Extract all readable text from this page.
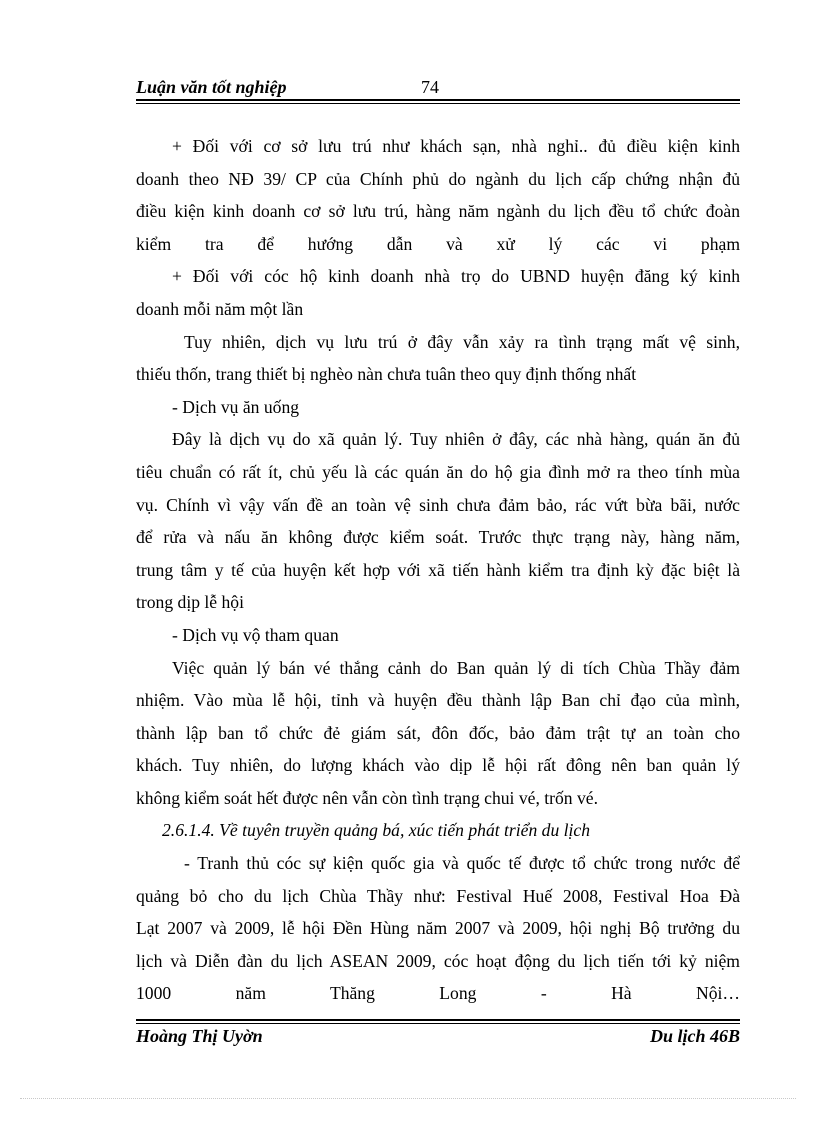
Luận văn tốt nghiệp	74
+ Đối với cơ sở lưu trú như khách sạn, nhà nghỉ.. đủ điều kiện kinh
doanh theo NĐ 39/ CP của Chính phủ do ngành du lịch cấp chứng nhận đủ
điều kiện kinh doanh cơ sở lưu trú, hàng năm ngành du lịch đều tổ chức đoàn
kiểm tra để hướng dẫn và xử lý các vi phạm
+ Đối với cóc hộ kinh doanh nhà trọ do UBND huyện đăng ký kinh
doanh mỗi năm một lần
Tuy nhiên, dịch vụ lưu trú ở đây vẫn xảy ra tình trạng mất vệ sinh,
thiếu thốn, trang thiết bị nghèo nàn chưa tuân theo quy định thống nhất
- Dịch vụ ăn uống
Đây là dịch vụ do xã quản lý. Tuy nhiên ở đây, các nhà hàng, quán ăn đủ
tiêu chuẩn có rất ít, chủ yếu là các quán ăn do hộ gia đình mở ra theo tính mùa
vụ. Chính vì vậy vấn đề an toàn vệ sinh chưa đảm bảo, rác vứt bừa bãi, nước
để rửa và nấu ăn không được kiểm soát. Trước thực trạng này, hàng năm,
trung tâm y tế của huyện kết hợp với xã tiến hành kiểm tra định kỳ đặc biệt là
trong dịp lễ hội
- Dịch vụ vộ tham quan
Việc quản lý bán vé thắng cảnh do Ban quản lý di tích Chùa Thầy đảm
nhiệm. Vào mùa lễ hội, tỉnh và huyện đều thành lập Ban chỉ đạo của mình,
thành lập ban tổ chức đẻ giám sát, đôn đốc, bảo đảm trật tự an toàn cho
khách. Tuy nhiên, do lượng khách vào dịp lễ hội rất đông nên ban quản lý
không kiểm soát hết được nên vẫn còn tình trạng chui vé, trốn vé.
2.6.1.4. Về tuyên truyền quảng bá, xúc tiến phát triển du lịch
- Tranh thủ cóc sự kiện quốc gia và quốc tế được tổ chức trong nước để
quảng bỏ cho du lịch Chùa Thầy như: Festival Huế 2008, Festival Hoa Đà
Lạt 2007 và 2009, lễ hội Đền Hùng năm 2007 và 2009, hội nghị Bộ trưởng du
lịch và Diễn đàn du lịch ASEAN 2009, cóc hoạt động du lịch tiến tới kỷ niệm
1000 năm Thăng Long - Hà Nội…
Hoàng Thị Uyờn	Du lịch 46B
